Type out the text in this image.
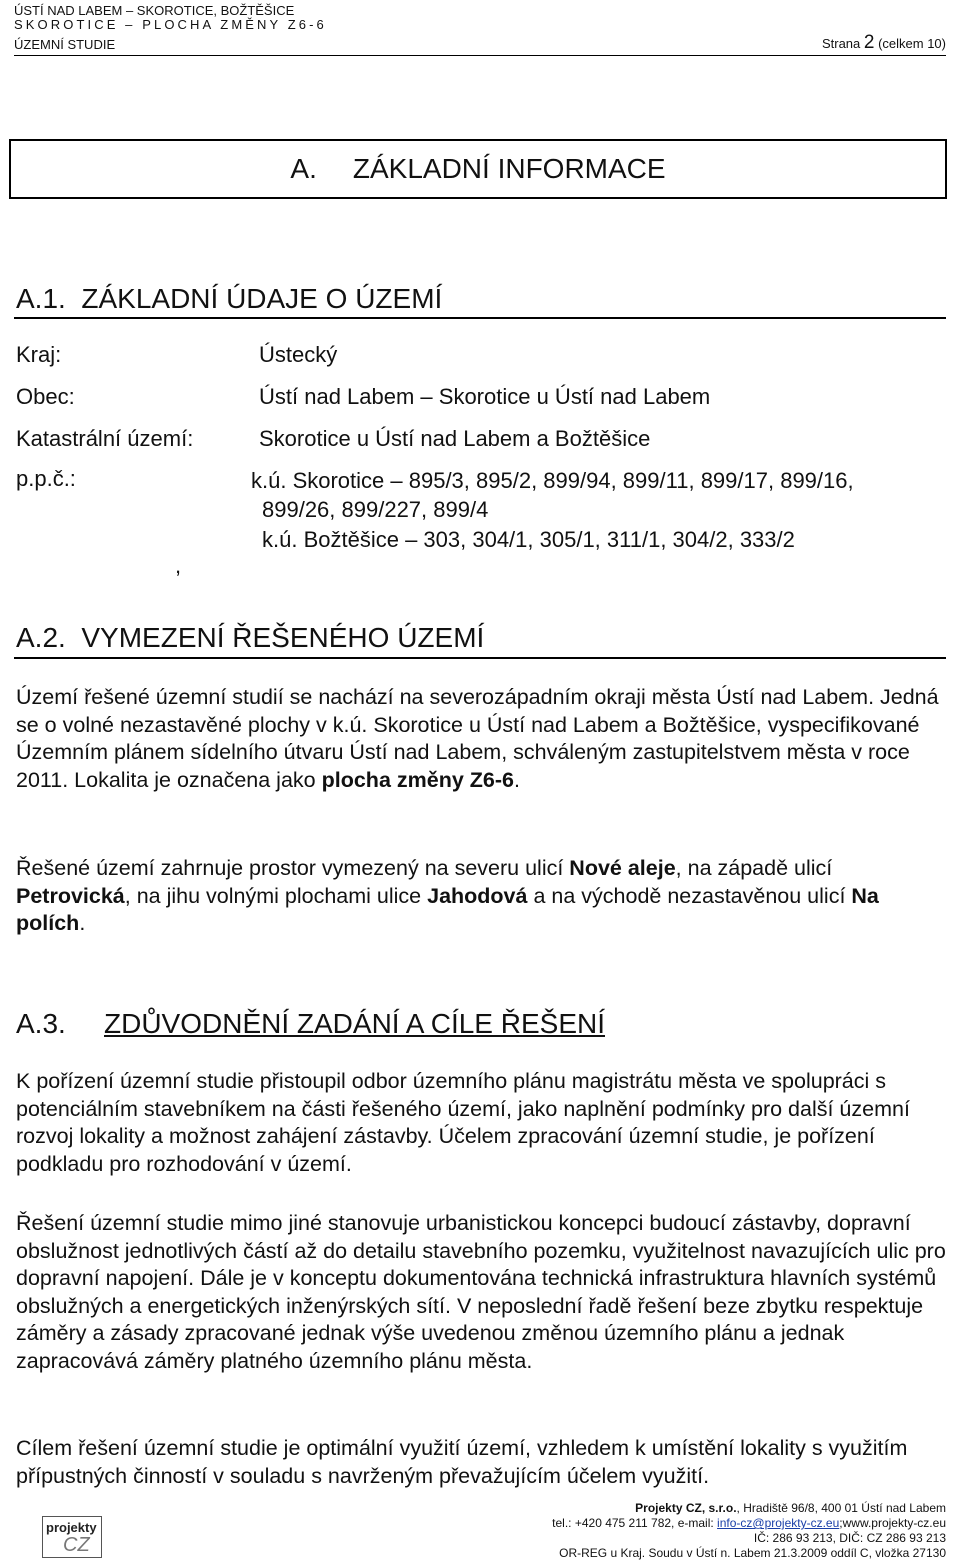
ÚSTÍ NAD LABEM – SKOROTICE, BOŽTĚŠICE
SKOROTICE – PLOCHA ZMĚNY Z6-6
ÚZEMNÍ STUDIE	Strana 2 (celkem 10)
A. ZÁKLADNÍ INFORMACE
A.1.  ZÁKLADNÍ ÚDAJE O ÚZEMÍ
Kraj:	Ústecký
Obec:	Ústí nad Labem – Skorotice u Ústí nad Labem
Katastrální území:	Skorotice u Ústí nad Labem a Božtěšice
p.p.č.:	k.ú. Skorotice – 895/3, 895/2, 899/94, 899/11, 899/17, 899/16,
899/26, 899/227, 899/4
k.ú. Božtěšice – 303, 304/1, 305/1, 311/1, 304/2, 333/2
,
A.2.  VYMEZENÍ ŘEŠENÉHO ÚZEMÍ
Území řešené územní studií se nachází na severozápadním okraji města Ústí nad Labem. Jedná se o volné nezastavěné plochy v k.ú. Skorotice u Ústí nad Labem a Božtěšice, vyspecifikované Územním plánem sídelního útvaru Ústí nad Labem, schváleným zastupitelstvem města v roce 2011. Lokalita je označena jako plocha změny Z6-6.
Řešené území zahrnuje prostor vymezený na severu ulicí Nové aleje, na západě ulicí Petrovická, na jihu volnými plochami ulice Jahodová a na východě nezastavěnou ulicí Na polích.
A.3. ZDŮVODNĚNÍ ZADÁNÍ A CÍLE ŘEŠENÍ
K pořízení územní studie přistoupil odbor územního plánu magistrátu města ve spolupráci s potenciálním stavebníkem na části řešeného území, jako naplnění podmínky pro další územní rozvoj lokality a možnost zahájení zástavby. Účelem zpracování územní studie, je pořízení podkladu pro rozhodování v území.
Řešení územní studie mimo jiné stanovuje urbanistickou koncepci budoucí zástavby, dopravní obslužnost jednotlivých částí až do detailu stavebního pozemku, využitelnost navazujících ulic pro dopravní napojení. Dále je v konceptu dokumentována technická infrastruktura hlavních systémů obslužných a energetických inženýrských sítí. V neposlední řadě řešení beze zbytku respektuje záměry a zásady zpracované jednak výše uvedenou změnou územního plánu a jednak zapracovává záměry platného územního plánu města.
Cílem řešení územní studie je optimální využití území, vzhledem k umístění lokality s využitím přípustných činností v souladu s navrženým převažujícím účelem využití.
projekty
CZ
Projekty CZ, s.r.o., Hradiště 96/8, 400 01 Ústí nad Labem
tel.: +420 475 211 782, e-mail: info-cz@projekty-cz.eu;www.projekty-cz.eu
IČ: 286 93 213, DIČ: CZ 286 93 213
OR-REG u Kraj. Soudu v Ústí n. Labem 21.3.2009 oddíl C, vložka 27130
